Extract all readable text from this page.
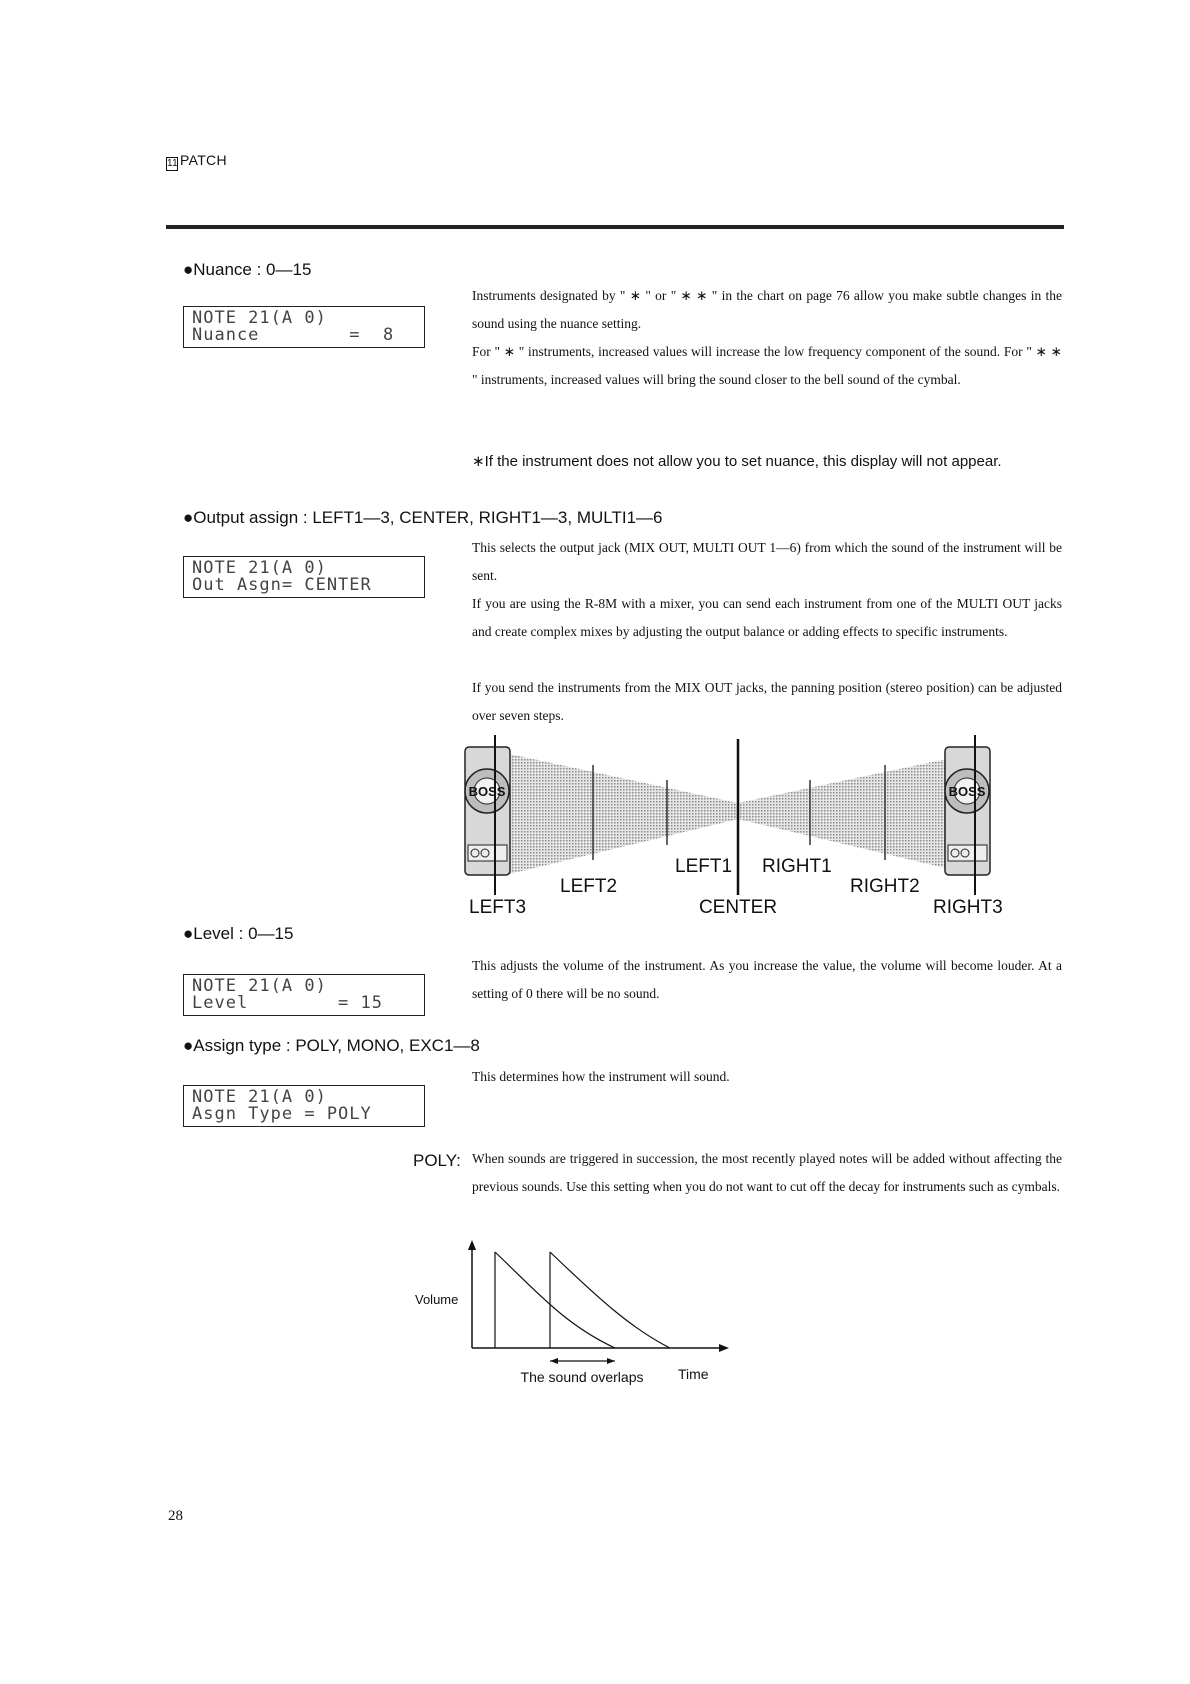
11 PATCH
●Nuance : 0—15
NOTE 21(A 0)
Nuance        =  8
Instruments designated by " ∗ " or " ∗ ∗ " in the chart on page 76 allow you make subtle changes in the sound using the nuance setting.
For " ∗ " instruments, increased values will increase the low frequency component of the sound. For " ∗ ∗ " instruments, increased values will bring the sound closer to the bell sound of the cymbal.
∗If the instrument does not allow you to set nuance, this display will not appear.
●Output assign : LEFT1—3, CENTER, RIGHT1—3, MULTI1—6
NOTE 21(A 0)
Out Asgn= CENTER
This selects the output jack (MIX OUT, MULTI OUT 1—6) from which the sound of the instrument will be sent.
If you are using the R-8M with a mixer, you can send each instrument from one of the MULTI OUT jacks and create complex mixes by adjusting the output balance or adding effects to specific instruments.
If you send the instruments from the MIX OUT jacks, the panning position (stereo position) can be adjusted over seven steps.
BOSS	BOSS
LEFT1
LEFT2
LEFT3	CENTER
RIGHT1
RIGHT2
RIGHT3
●Level : 0—15
NOTE 21(A 0)
Level        = 15
This adjusts the volume of the instrument. As you increase the value, the volume will become louder. At a setting of 0 there will be no sound.
●Assign type : POLY, MONO, EXC1—8
NOTE 21(A 0)
Asgn Type = POLY
This determines how the instrument will sound.
POLY: When sounds are triggered in succession, the most recently played notes will be added without affecting the previous sounds. Use this setting when you do not want to cut off the decay for instruments such as cymbals.
Volume
The sound overlaps Time
28
